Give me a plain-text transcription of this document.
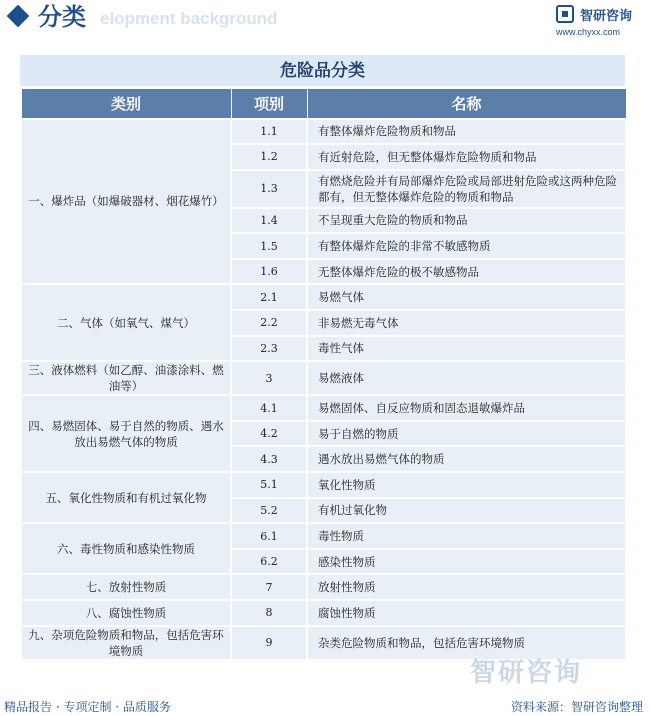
elopment background
分类	智研咨询
www.chyxx.com
危险品分类
类别	项别	名称
一、爆炸品（如爆破器材、烟花爆竹）	1.1	有整体爆炸危险物质和物品
	1.2	有近射危险，但无整体爆炸危险物质和物品
	1.3	有燃烧危险并有局部爆炸危险或局部进射危险或这两种危险都有，但无整体爆炸危险的物质和物品
	1.4	不呈现重大危险的物质和物品
	1.5	有整体爆炸危险的非常不敏感物质
	1.6	无整体爆炸危险的极不敏感物品
二、气体（如氧气、煤气）	2.1	易燃气体
	2.2	非易燃无毒气体
	2.3	毒性气体
三、液体燃料（如乙醇、油漆涂料、燃油等）	3	易燃液体
四、易燃固体、易于自然的物质、遇水放出易燃气体的物质	4.1	易燃固体、自反应物质和固态退敏爆炸品
	4.2	易于自燃的物质
	4.3	遇水放出易燃气体的物质
五、氧化性物质和有机过氧化物	5.1	氧化性物质
	5.2	有机过氧化物
六、毒性物质和感染性物质	6.1	毒性物质
	6.2	感染性物质
七、放射性物质	7	放射性物质
八、腐蚀性物质	8	腐蚀性物质
九、杂项危险物质和物品，包括危害环境物质	9	杂类危险物质和物品，包括危害环境物质
智研咨询
精品报告 · 专项定制 · 品质服务	资料来源：智研咨询整理
